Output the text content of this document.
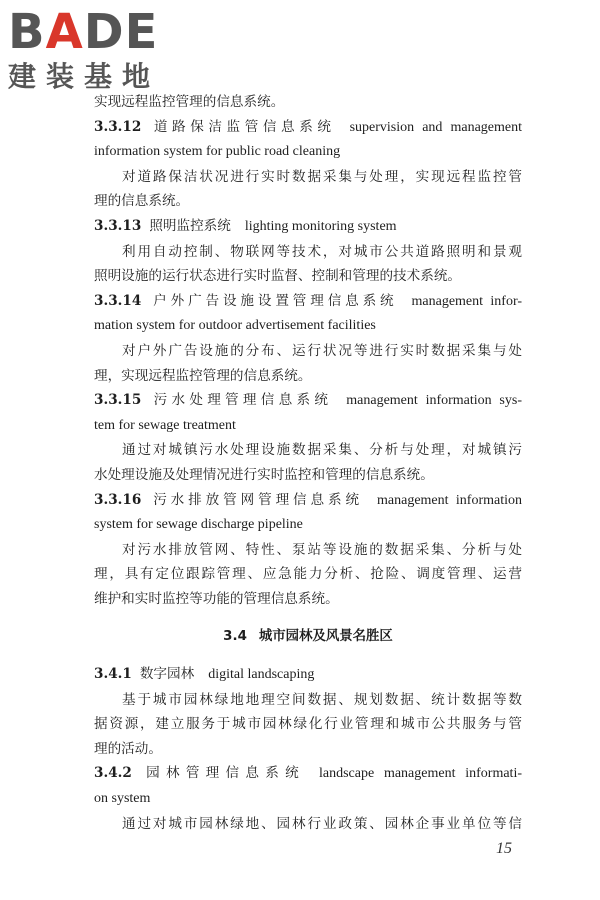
BADE
建装基地
实现远程监控管理的信息系统。
3.3.12 道路保洁监管信息系统 supervision and management
information system for public road cleaning
对道路保洁状况进行实时数据采集与处理，实现远程监控管
理的信息系统。
3.3.13 照明监控系统 lighting monitoring system
利用自动控制、物联网等技术，对城市公共道路照明和景观
照明设施的运行状态进行实时监督、控制和管理的技术系统。
3.3.14 户外广告设施设置管理信息系统 management infor-
mation system for outdoor advertisement facilities
对户外广告设施的分布、运行状况等进行实时数据采集与处
理，实现远程监控管理的信息系统。
3.3.15 污水处理管理信息系统 management information sys-
tem for sewage treatment
通过对城镇污水处理设施数据采集、分析与处理，对城镇污
水处理设施及处理情况进行实时监控和管理的信息系统。
3.3.16 污水排放管网管理信息系统 management information
system for sewage discharge pipeline
对污水排放管网、特性、泵站等设施的数据采集、分析与处
理，具有定位跟踪管理、应急能力分析、抢险、调度管理、运营
维护和实时监控等功能的管理信息系统。
3.4 城市园林及风景名胜区
3.4.1 数字园林 digital landscaping
基于城市园林绿地地理空间数据、规划数据、统计数据等数
据资源，建立服务于城市园林绿化行业管理和城市公共服务与管
理的活动。
3.4.2 园林管理信息系统 landscape management informati-
on system
通过对城市园林绿地、园林行业政策、园林企事业单位等信
15
